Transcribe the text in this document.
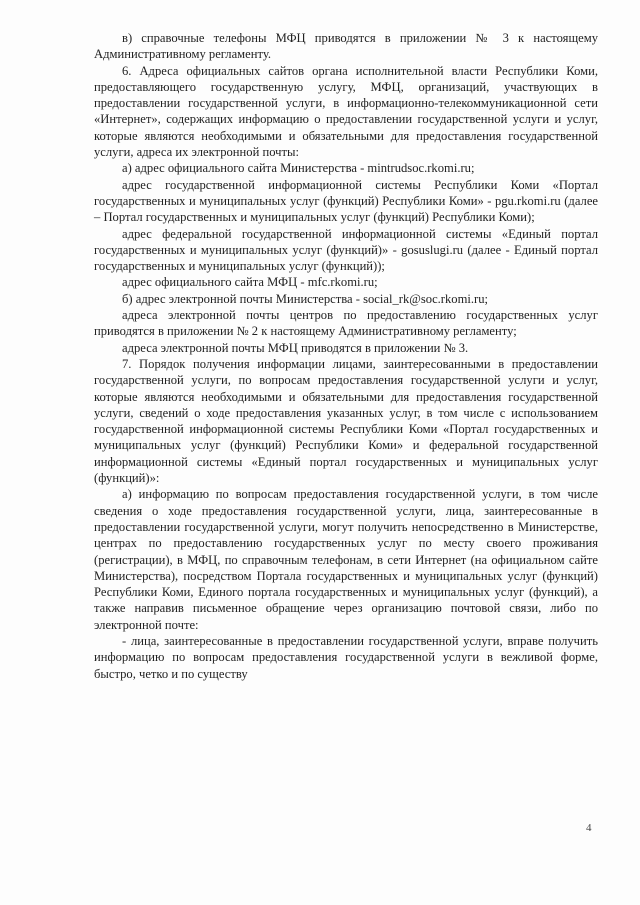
в) справочные телефоны МФЦ приводятся в приложении № 3 к настоящему Административному регламенту.

6. Адреса официальных сайтов органа исполнительной власти Республики Коми, предоставляющего государственную услугу, МФЦ, организаций, участвующих в предоставлении государственной услуги, в информационно-телекоммуникационной сети «Интернет», содержащих информацию о предоставлении государственной услуги и услуг, которые являются необходимыми и обязательными для предоставления государственной услуги, адреса их электронной почты:

а) адрес официального сайта Министерства - mintrudsoc.rkomi.ru;

адрес государственной информационной системы Республики Коми «Портал государственных и муниципальных услуг (функций) Республики Коми» - pgu.rkomi.ru (далее – Портал государственных и муниципальных услуг (функций) Республики Коми);

адрес федеральной государственной информационной системы «Единый портал государственных и муниципальных услуг (функций)» - gosuslugi.ru (далее - Единый портал государственных и муниципальных услуг (функций));

адрес официального сайта МФЦ - mfc.rkomi.ru;

б) адрес электронной почты Министерства - social_rk@soc.rkomi.ru;

адреса электронной почты центров по предоставлению государственных услуг приводятся в приложении № 2 к настоящему Административному регламенту;

адреса электронной почты МФЦ приводятся в приложении № 3.

7. Порядок получения информации лицами, заинтересованными в предоставлении государственной услуги, по вопросам предоставления государственной услуги и услуг, которые являются необходимыми и обязательными для предоставления государственной услуги, сведений о ходе предоставления указанных услуг, в том числе с использованием государственной информационной системы Республики Коми «Портал государственных и муниципальных услуг (функций) Республики Коми» и федеральной государственной информационной системы «Единый портал государственных и муниципальных услуг (функций)»:

а) информацию по вопросам предоставления государственной услуги, в том числе сведения о ходе предоставления государственной услуги, лица, заинтересованные в предоставлении государственной услуги, могут получить непосредственно в Министерстве, центрах по предоставлению государственных услуг по месту своего проживания (регистрации), в МФЦ, по справочным телефонам, в сети Интернет (на официальном сайте Министерства), посредством Портала государственных и муниципальных услуг (функций) Республики Коми, Единого портала государственных и муниципальных услуг (функций), а также направив письменное обращение через организацию почтовой связи, либо по электронной почте:

- лица, заинтересованные в предоставлении государственной услуги, вправе получить информацию по вопросам предоставления государственной услуги в вежливой форме, быстро, четко и по существу

4
